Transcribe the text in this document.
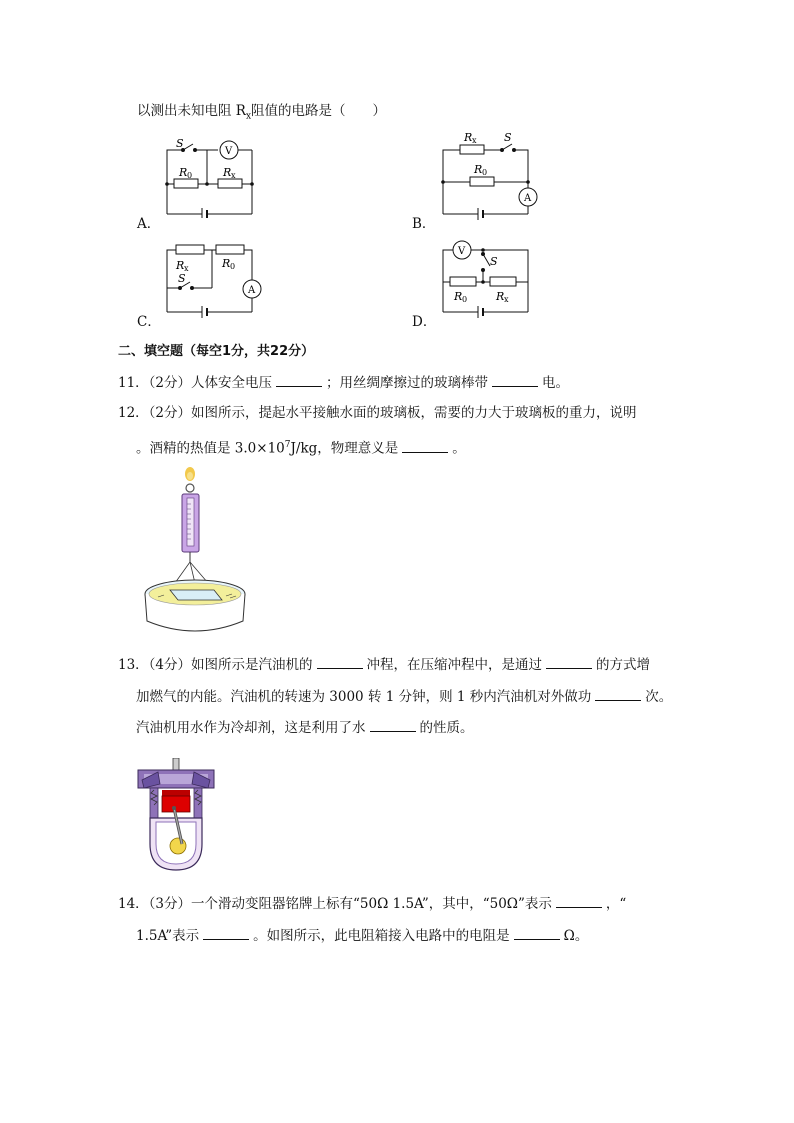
以测出未知电阻 $R_x$阻值的电路是（　　）
S
V
R 0	R x
A．
R x S
R 0
A
B．
R x
S
R 0
A
C．
V
S
R 0	R x
D．
二、填空题（每空1分，共22分）
11．（2分）人体安全电压	；用丝绸摩擦过的玻璃棒带	电。
12．（2分）如图所示，提起水平接触水面的玻璃板，需要的力大于玻璃板的重力，说明
。酒精的热值是 $3.0\times 10^7J/kg$，物理意义是	。
13．（4分）如图所示是汽油机的	冲程，在压缩冲程中，是通过	的方式增
加燃气的内能。汽油机的转速为 3000 转 1 分钟，则 1 秒内汽油机对外做功	次。
汽油机用水作为冷却剂，这是利用了水	的性质。
14．（3分）一个滑动变阻器铭牌上标有“50Ω 1.5A”，其中，“50Ω”表示	，“
1.5A”表示	。如图所示，此电阻箱接入电路中的电阻是	Ω。
